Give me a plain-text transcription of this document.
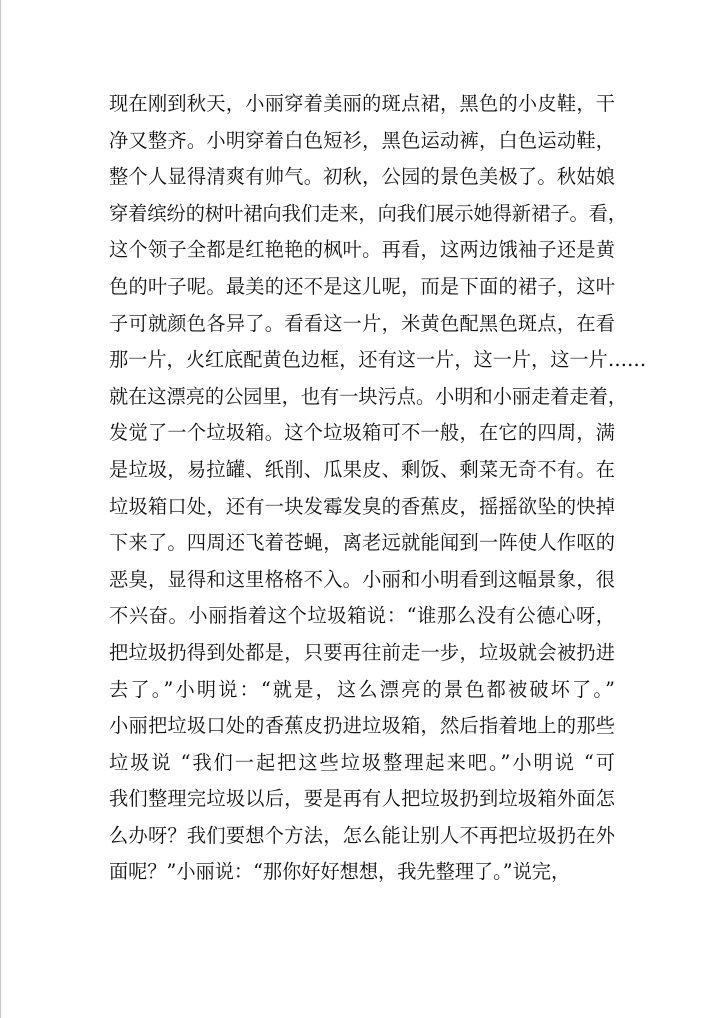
现在刚到秋天，小丽穿着美丽的斑点裙，黑色的小皮鞋，干
净又整齐。小明穿着白色短衫，黑色运动裤，白色运动鞋，
整个人显得清爽有帅气。初秋，公园的景色美极了。秋姑娘
穿着缤纷的树叶裙向我们走来，向我们展示她得新裙子。看，
这个领子全都是红艳艳的枫叶。再看，这两边饿袖子还是黄
色的叶子呢。最美的还不是这儿呢，而是下面的裙子，这叶
子可就颜色各异了。看看这一片，米黄色配黑色斑点，在看
那一片，火红底配黄色边框，还有这一片，这一片，这一片……
就在这漂亮的公园里，也有一块污点。小明和小丽走着走着，
发觉了一个垃圾箱。这个垃圾箱可不一般，在它的四周，满
是垃圾，易拉罐、纸削、瓜果皮、剩饭、剩菜无奇不有。在
垃圾箱口处，还有一块发霉发臭的香蕉皮，摇摇欲坠的快掉
下来了。四周还飞着苍蝇，离老远就能闻到一阵使人作呕的
恶臭，显得和这里格格不入。小丽和小明看到这幅景象，很
不兴奋。小丽指着这个垃圾箱说：“谁那么没有公德心呀，
把垃圾扔得到处都是，只要再往前走一步，垃圾就会被扔进
去了。”小明说：“就是，这么漂亮的景色都被破坏了。”
小丽把垃圾口处的香蕉皮扔进垃圾箱，然后指着地上的那些
垃圾说 “我们一起把这些垃圾整理起来吧。”小明说 “可
我们整理完垃圾以后，要是再有人把垃圾扔到垃圾箱外面怎
么办呀？我们要想个方法，怎么能让别人不再把垃圾扔在外
面呢？”小丽说：“那你好好想想，我先整理了。”说完，
